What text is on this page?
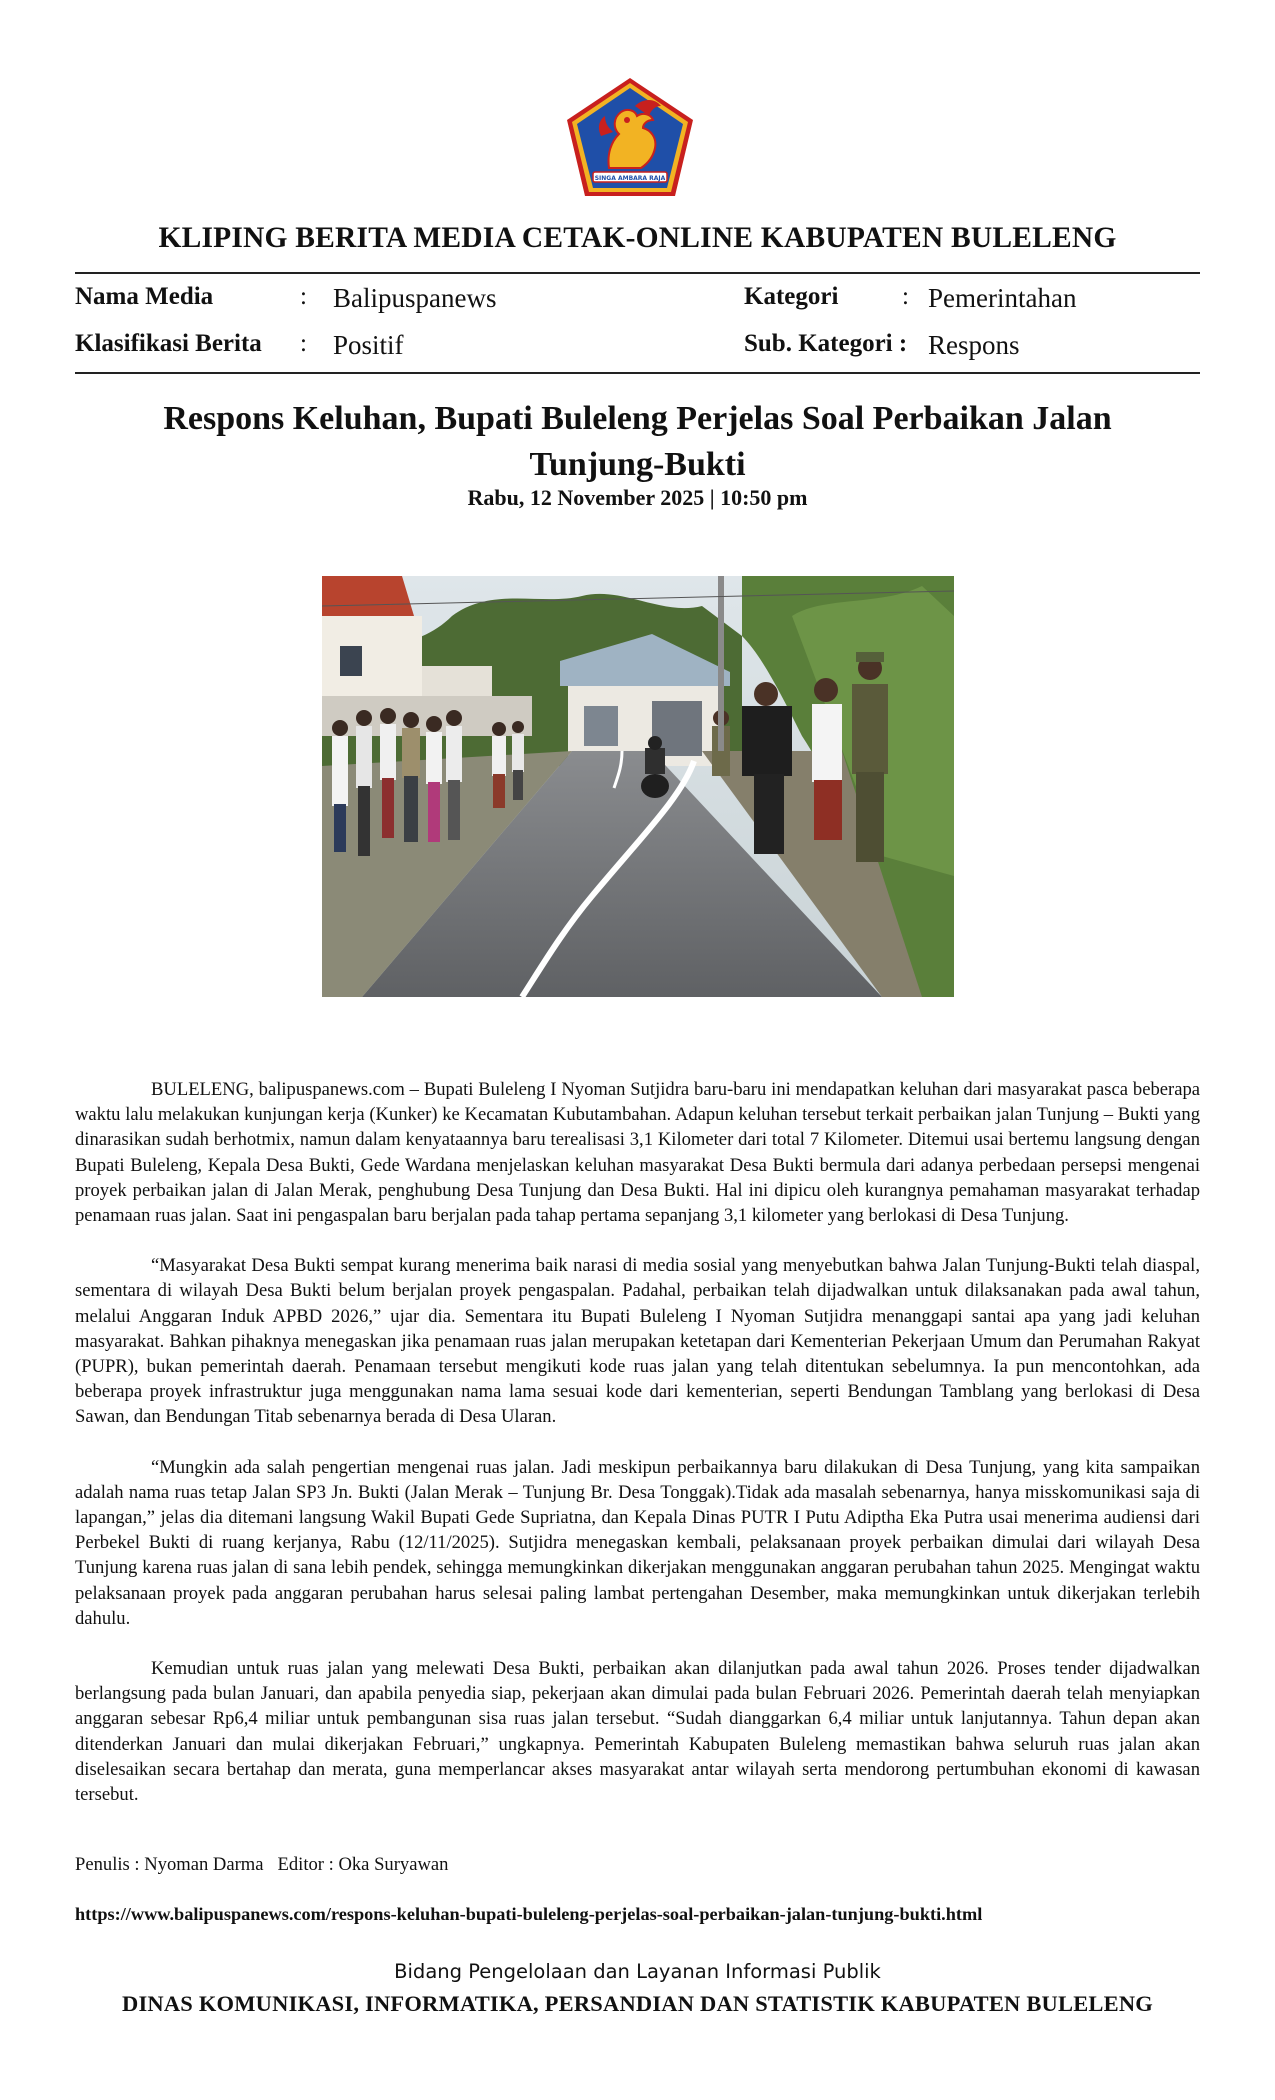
SINGA AMBARA RAJA
KLIPING BERITA MEDIA CETAK-ONLINE KABUPATEN BULELENG
Nama Media	: Balipuspanews
Klasifikasi Berita : Positif
Kategori	: Pemerintahan
Sub. Kategori : Respons
Respons Keluhan, Bupati Buleleng Perjelas Soal Perbaikan Jalan Tunjung-Bukti
Rabu, 12 November 2025 | 10:50 pm

BULELENG, balipuspanews.com – Bupati Buleleng I Nyoman Sutjidra baru-baru ini mendapatkan keluhan dari masyarakat pasca beberapa waktu lalu melakukan kunjungan kerja (Kunker) ke Kecamatan Kubutambahan. Adapun keluhan tersebut terkait perbaikan jalan Tunjung – Bukti yang dinarasikan sudah berhotmix, namun dalam kenyataannya baru terealisasi 3,1 Kilometer dari total 7 Kilometer. Ditemui usai bertemu langsung dengan Bupati Buleleng, Kepala Desa Bukti, Gede Wardana menjelaskan keluhan masyarakat Desa Bukti bermula dari adanya perbedaan persepsi mengenai proyek perbaikan jalan di Jalan Merak, penghubung Desa Tunjung dan Desa Bukti. Hal ini dipicu oleh kurangnya pemahaman masyarakat terhadap penamaan ruas jalan. Saat ini pengaspalan baru berjalan pada tahap pertama sepanjang 3,1 kilometer yang berlokasi di Desa Tunjung.

“Masyarakat Desa Bukti sempat kurang menerima baik narasi di media sosial yang menyebutkan bahwa Jalan Tunjung-Bukti telah diaspal, sementara di wilayah Desa Bukti belum berjalan proyek pengaspalan. Padahal, perbaikan telah dijadwalkan untuk dilaksanakan pada awal tahun, melalui Anggaran Induk APBD 2026,” ujar dia. Sementara itu Bupati Buleleng I Nyoman Sutjidra menanggapi santai apa yang jadi keluhan masyarakat. Bahkan pihaknya menegaskan jika penamaan ruas jalan merupakan ketetapan dari Kementerian Pekerjaan Umum dan Perumahan Rakyat (PUPR), bukan pemerintah daerah. Penamaan tersebut mengikuti kode ruas jalan yang telah ditentukan sebelumnya. Ia pun mencontohkan, ada beberapa proyek infrastruktur juga menggunakan nama lama sesuai kode dari kementerian, seperti Bendungan Tamblang yang berlokasi di Desa Sawan, dan Bendungan Titab sebenarnya berada di Desa Ularan.

“Mungkin ada salah pengertian mengenai ruas jalan. Jadi meskipun perbaikannya baru dilakukan di Desa Tunjung, yang kita sampaikan adalah nama ruas tetap Jalan SP3 Jn. Bukti (Jalan Merak – Tunjung Br. Desa Tonggak).Tidak ada masalah sebenarnya, hanya misskomunikasi saja di lapangan,” jelas dia ditemani langsung Wakil Bupati Gede Supriatna, dan Kepala Dinas PUTR I Putu Adiptha Eka Putra usai menerima audiensi dari Perbekel Bukti di ruang kerjanya, Rabu (12/11/2025). Sutjidra menegaskan kembali, pelaksanaan proyek perbaikan dimulai dari wilayah Desa Tunjung karena ruas jalan di sana lebih pendek, sehingga memungkinkan dikerjakan menggunakan anggaran perubahan tahun 2025. Mengingat waktu pelaksanaan proyek pada anggaran perubahan harus selesai paling lambat pertengahan Desember, maka memungkinkan untuk dikerjakan terlebih dahulu.

Kemudian untuk ruas jalan yang melewati Desa Bukti, perbaikan akan dilanjutkan pada awal tahun 2026. Proses tender dijadwalkan berlangsung pada bulan Januari, dan apabila penyedia siap, pekerjaan akan dimulai pada bulan Februari 2026. Pemerintah daerah telah menyiapkan anggaran sebesar Rp6,4 miliar untuk pembangunan sisa ruas jalan tersebut. “Sudah dianggarkan 6,4 miliar untuk lanjutannya. Tahun depan akan ditenderkan Januari dan mulai dikerjakan Februari,” ungkapnya. Pemerintah Kabupaten Buleleng memastikan bahwa seluruh ruas jalan akan diselesaikan secara bertahap dan merata, guna memperlancar akses masyarakat antar wilayah serta mendorong pertumbuhan ekonomi di kawasan tersebut.

Penulis : Nyoman Darma Editor : Oka Suryawan
https://www.balipuspanews.com/respons-keluhan-bupati-buleleng-perjelas-soal-perbaikan-jalan-tunjung-bukti.html
Bidang Pengelolaan dan Layanan Informasi Publik
DINAS KOMUNIKASI, INFORMATIKA, PERSANDIAN DAN STATISTIK KABUPATEN BULELENG
